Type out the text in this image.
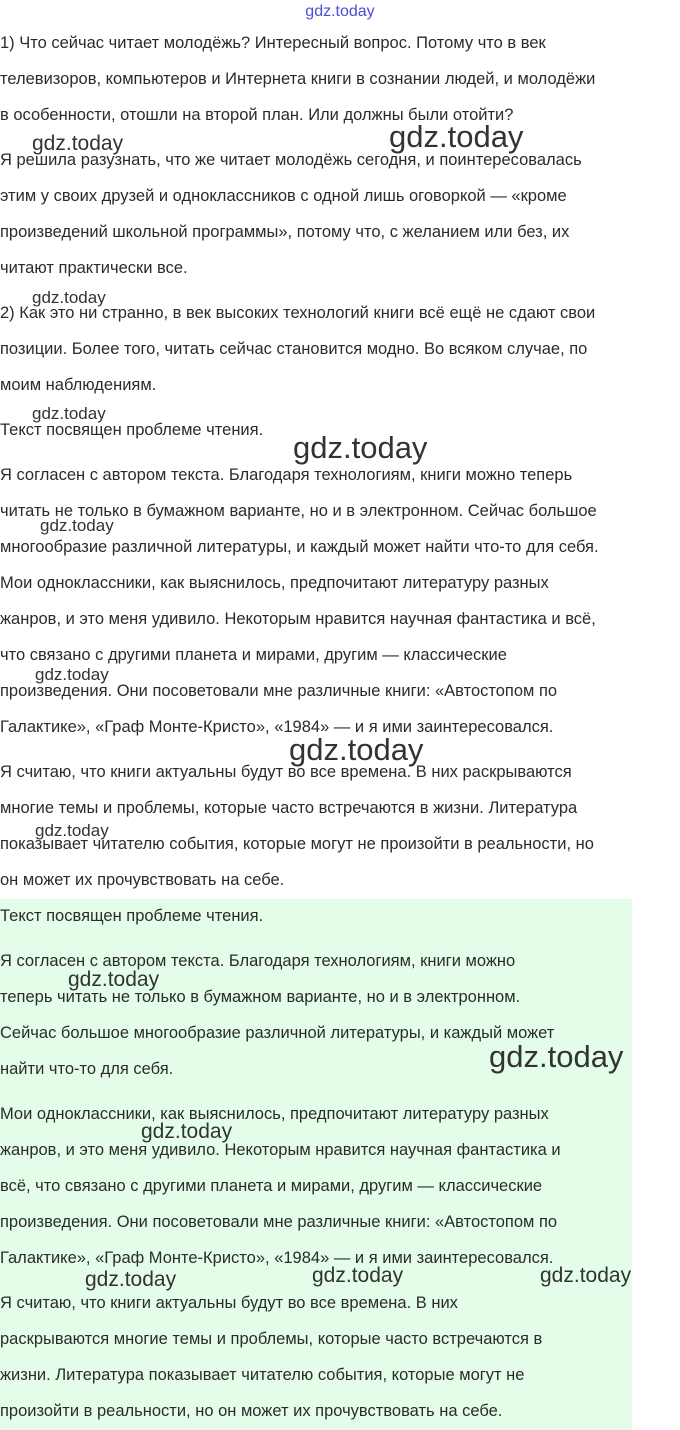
gdz.today
1) Что сейчас читает молодёжь? Интересный вопрос. Потому что в век
телевизоров, компьютеров и Интернета книги в сознании людей, и молодёжи
в особенности, отошли на второй план. Или должны были отойти?
Я решила разузнать, что же читает молодёжь сегодня, и поинтересовалась
этим у своих друзей и одноклассников с одной лишь оговоркой — «кроме
произведений школьной программы», потому что, с желанием или без, их
читают практически все.
2) Как это ни странно, в век высоких технологий книги всё ещё не сдают свои
позиции. Более того, читать сейчас становится модно. Во всяком случае, по
моим наблюдениям.
Текст посвящен проблеме чтения.
Я согласен с автором текста. Благодаря технологиям, книги можно теперь
читать не только в бумажном варианте, но и в электронном. Сейчас большое
многообразие различной литературы, и каждый может найти что-то для себя.
Мои одноклассники, как выяснилось, предпочитают литературу разных
жанров, и это меня удивило. Некоторым нравится научная фантастика и всё,
что связано с другими планета и мирами, другим — классические
произведения. Они посоветовали мне различные книги: «Автостопом по
Галактике», «Граф Монте-Кристо», «1984» — и я ими заинтересовался.
Я считаю, что книги актуальны будут во все времена. В них раскрываются
многие темы и проблемы, которые часто встречаются в жизни. Литература
показывает читателю события, которые могут не произойти в реальности, но
он может их прочувствовать на себе.
Текст посвящен проблеме чтения.
Я согласен с автором текста. Благодаря технологиям, книги можно
теперь читать не только в бумажном варианте, но и в электронном.
Сейчас большое многообразие различной литературы, и каждый может
найти что-то для себя.
Мои одноклассники, как выяснилось, предпочитают литературу разных
жанров, и это меня удивило. Некоторым нравится научная фантастика и
всё, что связано с другими планета и мирами, другим — классические
произведения. Они посоветовали мне различные книги: «Автостопом по
Галактике», «Граф Монте-Кристо», «1984» — и я ими заинтересовался.
Я считаю, что книги актуальны будут во все времена. В них
раскрываются многие темы и проблемы, которые часто встречаются в
жизни. Литература показывает читателю события, которые могут не
произойти в реальности, но он может их прочувствовать на себе.
gdz.today	gdz.today
gdz.today
gdz.today
gdz.today
gdz.today
gdz.today
gdz.today
gdz.today
gdz.today
gdz.today
gdz.today
gdz.today	gdz.today	gdz.today
